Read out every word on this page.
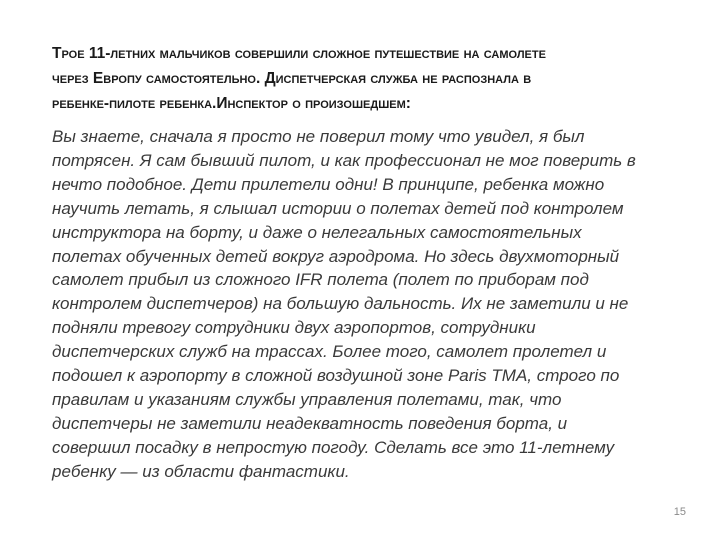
Трое 11-летних мальчиков совершили сложное путешествие на самолете
через Европу самостоятельно. Диспетчерская служба не распознала в
ребенке-пилоте ребенка.Инспектор о произошедшем:
Вы знаете, сначала я просто не поверил тому что увидел, я был
потрясен. Я сам бывший пилот, и как профессионал не мог поверить в
нечто подобное. Дети прилетели одни! В принципе, ребенка можно
научить летать, я слышал истории о полетах детей под контролем
инструктора на борту, и даже о нелегальных самостоятельных
полетах обученных детей вокруг аэродрома. Но здесь двухмоторный
самолет прибыл из сложного IFR полета (полет по приборам под
контролем диспетчеров) на большую дальность. Их не заметили и не
подняли тревогу сотрудники двух аэропортов, сотрудники
диспетчерских служб на трассах. Более того, самолет пролетел и
подошел к аэропорту в сложной воздушной зоне Paris TMA, строго по
правилам и указаниям службы управления полетами, так, что
диспетчеры не заметили неадекватность поведения борта, и
совершил посадку в непростую погоду. Сделать все это 11-летнему
ребенку — из области фантастики.
15
